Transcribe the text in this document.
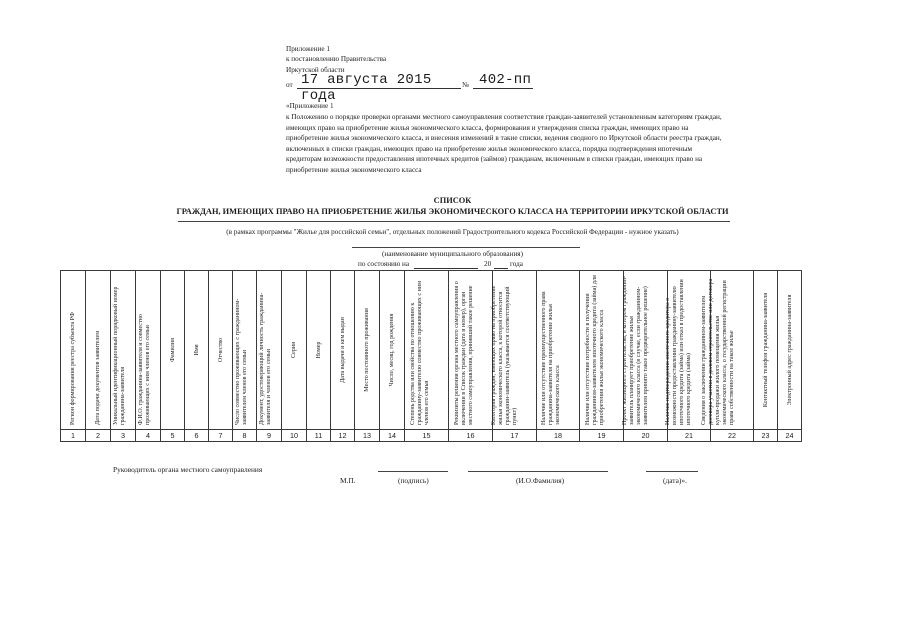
Приложение 1
к постановлению Правительства
Иркутской области
от 17 августа 2015 года
№ 402-пп
«Приложение 1
к Положению о порядке проверки органами местного самоуправления соответствия граждан-заявителей установленным категориям граждан,
имеющих право на приобретение жилья экономического класса, формирования и утверждения списка граждан, имеющих право на
приобретение жилья экономического класса, и внесения изменений в такие списки, ведения сводного по Иркутской области реестра граждан,
включенных в списки граждан, имеющих право на приобретение жилья экономического класса, порядка подтверждения ипотечным
кредиторам возможности предоставления ипотечных кредитов (займов) гражданам, включенным в списки граждан, имеющих право на
приобретение жилья экономического класса
СПИСОК
ГРАЖДАН, ИМЕЮЩИХ ПРАВО НА ПРИОБРЕТЕНИЕ ЖИЛЬЯ ЭКОНОМИЧЕСКОГО КЛАССА НА ТЕРРИТОРИИ ИРКУТСКОЙ ОБЛАСТИ
(в рамках программы "Жилье для российской семьи", отдельных положений Градостроительного кодекса Российской Федерации - нужное указать)
(наименование муниципального образования)
по состоянию на	20	года
Регион формирования реестра субъекта РФ	Дата подачи документов заявителем	Уникальный идентификационный порядковый номер гражданина-заявителя	Ф.И.О. гражданина-заявителя и совместно проживающих с ним членов его семьи	Фамилия	Имя	Отчество	Число совместно проживающих с гражданином-заявителем членов его семьи	Документ, удостоверяющий личность гражданина-заявителя и членов его семьи	Серия	Номер	Дата выдачи и кем выдан	Место постоянного проживания	Число, месяц, год рождения	Степень родства или свойства по отношению к гражданину-заявителю совместно проживающих с ним членов его семьи	Реквизиты решения органа местного самоуправления о включении в Список граждан (дата и номер), орган местного самоуправления, принявший такое решение	Категория граждан, имеющих право на приобретение жилья экономического класса, к которой относится гражданин-заявитель (указывается соответствующий пункт)	Наличие или отсутствие преимущественного права гражданина-заявителя на приобретение жилья экономического класса	Наличие или отсутствие потребности в получении гражданином-заявителем ипотечного кредита (займа) для приобретения жилья экономического класса	Проект жилищного строительства, в котором гражданин-заявитель планирует приобретение жилья экономического класса (в случае, если гражданином-заявителем принято такое предварительное решение)	Наличие подтверждения ипотечного кредитора о возможности предоставления гражданину-заявителю ипотечного кредита (займа) или отказ в предоставлении ипотечного кредита (займа)	Сведения о заключении гражданином-заявителем договора участия в долевом строительстве или договора купли-продажи жилого помещения жилья экономического класса, о государственной регистрации права собственности на такое жилье	Контактный телефон гражданина-заявителя	Электронный адрес гражданина-заявителя

1	2	3	4	5	6	7	8	9	10	11	12	13	14	15	16	17	18	19	20	21	22	23	24
Руководитель органа местного самоуправления
М.П.	(подпись)	(И.О.Фамилия)	(дата)».
